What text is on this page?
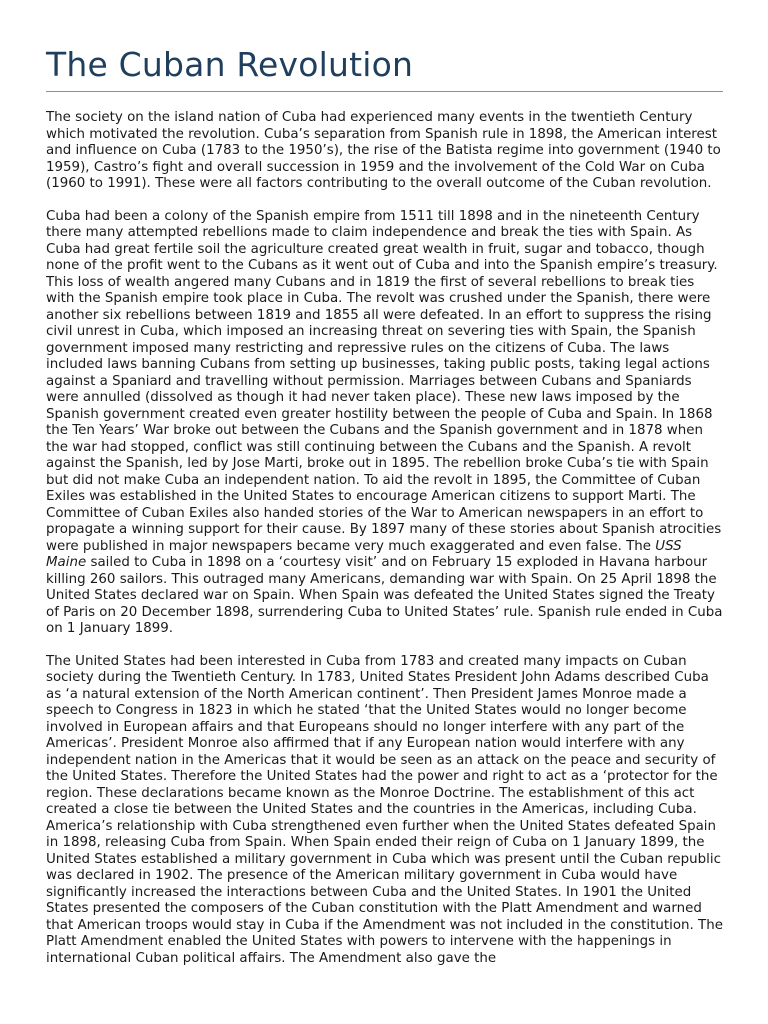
The Cuban Revolution

The society on the island nation of Cuba had experienced many events in the twentieth Century which motivated the revolution. Cuba’s separation from Spanish rule in 1898, the American interest and influence on Cuba (1783 to the 1950’s), the rise of the Batista regime into government (1940 to 1959), Castro’s fight and overall succession in 1959 and the involvement of the Cold War on Cuba (1960 to 1991). These were all factors contributing to the overall outcome of the Cuban revolution.

Cuba had been a colony of the Spanish empire from 1511 till 1898 and in the nineteenth Century there many attempted rebellions made to claim independence and break the ties with Spain. As Cuba had great fertile soil the agriculture created great wealth in fruit, sugar and tobacco, though none of the profit went to the Cubans as it went out of Cuba and into the Spanish empire’s treasury. This loss of wealth angered many Cubans and in 1819 the first of several rebellions to break ties with the Spanish empire took place in Cuba. The revolt was crushed under the Spanish, there were another six rebellions between 1819 and 1855 all were defeated. In an effort to suppress the rising civil unrest in Cuba, which imposed an increasing threat on severing ties with Spain, the Spanish government imposed many restricting and repressive rules on the citizens of Cuba. The laws included laws banning Cubans from setting up businesses, taking public posts, taking legal actions against a Spaniard and travelling without permission. Marriages between Cubans and Spaniards were annulled (dissolved as though it had never taken place). These new laws imposed by the Spanish government created even greater hostility between the people of Cuba and Spain. In 1868 the Ten Years’ War broke out between the Cubans and the Spanish government and in 1878 when the war had stopped, conflict was still continuing between the Cubans and the Spanish. A revolt against the Spanish, led by Jose Marti, broke out in 1895. The rebellion broke Cuba’s tie with Spain but did not make Cuba an independent nation. To aid the revolt in 1895, the Committee of Cuban Exiles was established in the United States to encourage American citizens to support Marti. The Committee of Cuban Exiles also handed stories of the War to American newspapers in an effort to propagate a winning support for their cause. By 1897 many of these stories about Spanish atrocities were published in major newspapers became very much exaggerated and even false. The USS Maine sailed to Cuba in 1898 on a ‘courtesy visit’ and on February 15 exploded in Havana harbour killing 260 sailors. This outraged many Americans, demanding war with Spain. On 25 April 1898 the United States declared war on Spain. When Spain was defeated the United States signed the Treaty of Paris on 20 December 1898, surrendering Cuba to United States’ rule. Spanish rule ended in Cuba on 1 January 1899.

The United States had been interested in Cuba from 1783 and created many impacts on Cuban society during the Twentieth Century. In 1783, United States President John Adams described Cuba as ‘a natural extension of the North American continent’. Then President James Monroe made a speech to Congress in 1823 in which he stated ‘that the United States would no longer become involved in European affairs and that Europeans should no longer interfere with any part of the Americas’. President Monroe also affirmed that if any European nation would interfere with any independent nation in the Americas that it would be seen as an attack on the peace and security of the United States. Therefore the United States had the power and right to act as a ‘protector for the region. These declarations became known as the Monroe Doctrine. The establishment of this act created a close tie between the United States and the countries in the Americas, including Cuba. America’s relationship with Cuba strengthened even further when the United States defeated Spain in 1898, releasing Cuba from Spain. When Spain ended their reign of Cuba on 1 January 1899, the United States established a military government in Cuba which was present until the Cuban republic was declared in 1902. The presence of the American military government in Cuba would have significantly increased the interactions between Cuba and the United States. In 1901 the United States presented the composers of the Cuban constitution with the Platt Amendment and warned that American troops would stay in Cuba if the Amendment was not included in the constitution. The Platt Amendment enabled the United States with powers to intervene with the happenings in international Cuban political affairs. The Amendment also gave the
